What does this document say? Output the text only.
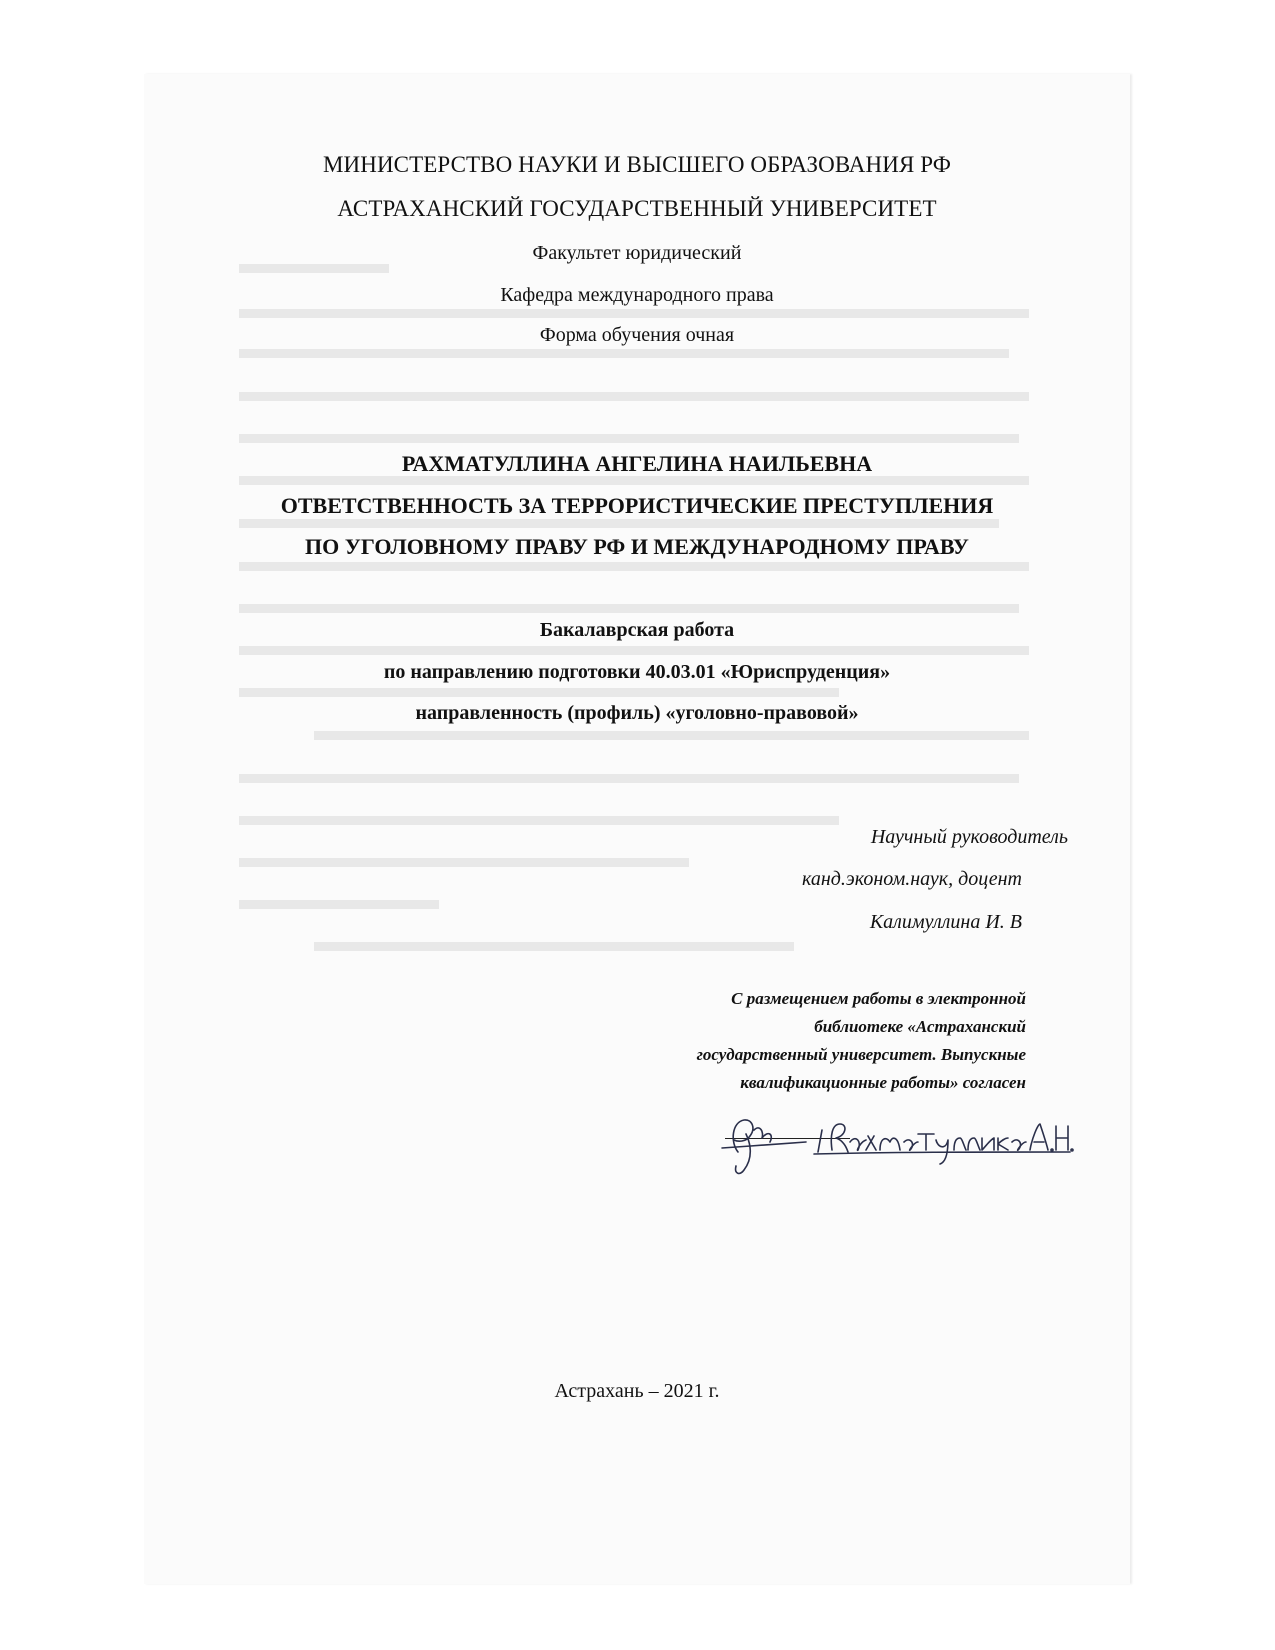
МИНИСТЕРСТВО НАУКИ И ВЫСШЕГО ОБРАЗОВАНИЯ РФ

АСТРАХАНСКИЙ ГОСУДАРСТВЕННЫЙ УНИВЕРСИТЕТ

Факультет юридический

Кафедра международного права

Форма обучения очная

РАХМАТУЛЛИНА АНГЕЛИНА НАИЛЬЕВНА

ОТВЕТСТВЕННОСТЬ ЗА ТЕРРОРИСТИЧЕСКИЕ ПРЕСТУПЛЕНИЯ

ПО УГОЛОВНОМУ ПРАВУ РФ И МЕЖДУНАРОДНОМУ ПРАВУ

Бакалаврская работа

по направлению подготовки 40.03.01 «Юриспруденция»

направленность (профиль) «уголовно-правовой»

Научный руководитель

канд.эконом.наук, доцент

Калимуллина И. В

С размещением работы в электронной

библиотеке «Астраханский

государственный университет. Выпускные

квалификационные работы» согласен

Астрахань – 2021 г.
